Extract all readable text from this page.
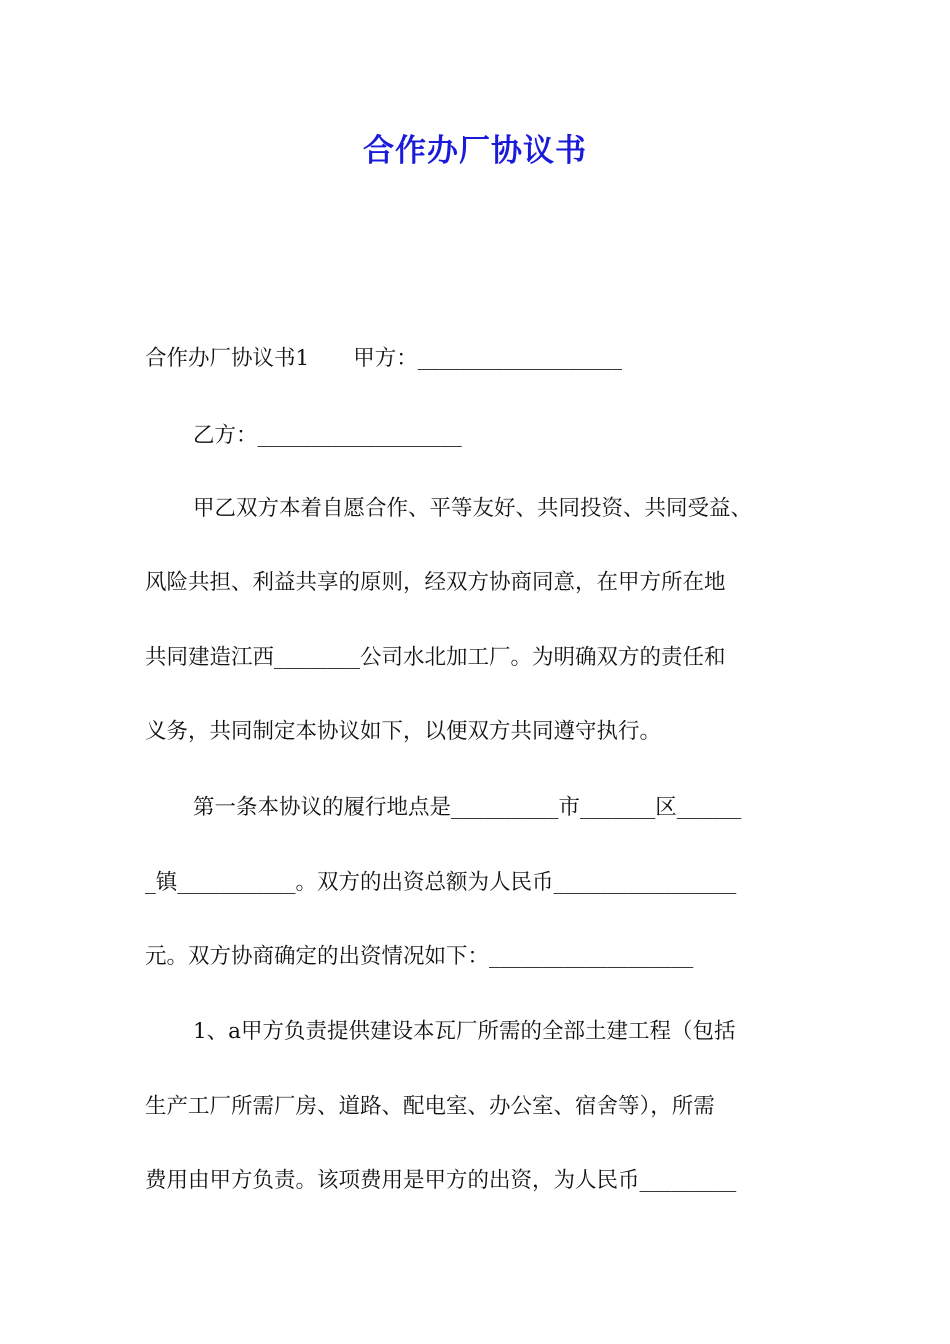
合作办厂协议书

合作办厂协议书1 甲方：___________________

乙方：___________________

甲乙双方本着自愿合作、平等友好、共同投资、共同受益、

风险共担、利益共享的原则，经双方协商同意，在甲方所在地

共同建造江西________公司水北加工厂。为明确双方的责任和

义务，共同制定本协议如下，以便双方共同遵守执行。

第一条本协议的履行地点是__________市_______区______

_镇___________。双方的出资总额为人民币_________________

元。双方协商确定的出资情况如下：___________________

1、a甲方负责提供建设本瓦厂所需的全部土建工程（包括

生产工厂所需厂房、道路、配电室、办公室、宿舍等），所需

费用由甲方负责。该项费用是甲方的出资，为人民币_________
